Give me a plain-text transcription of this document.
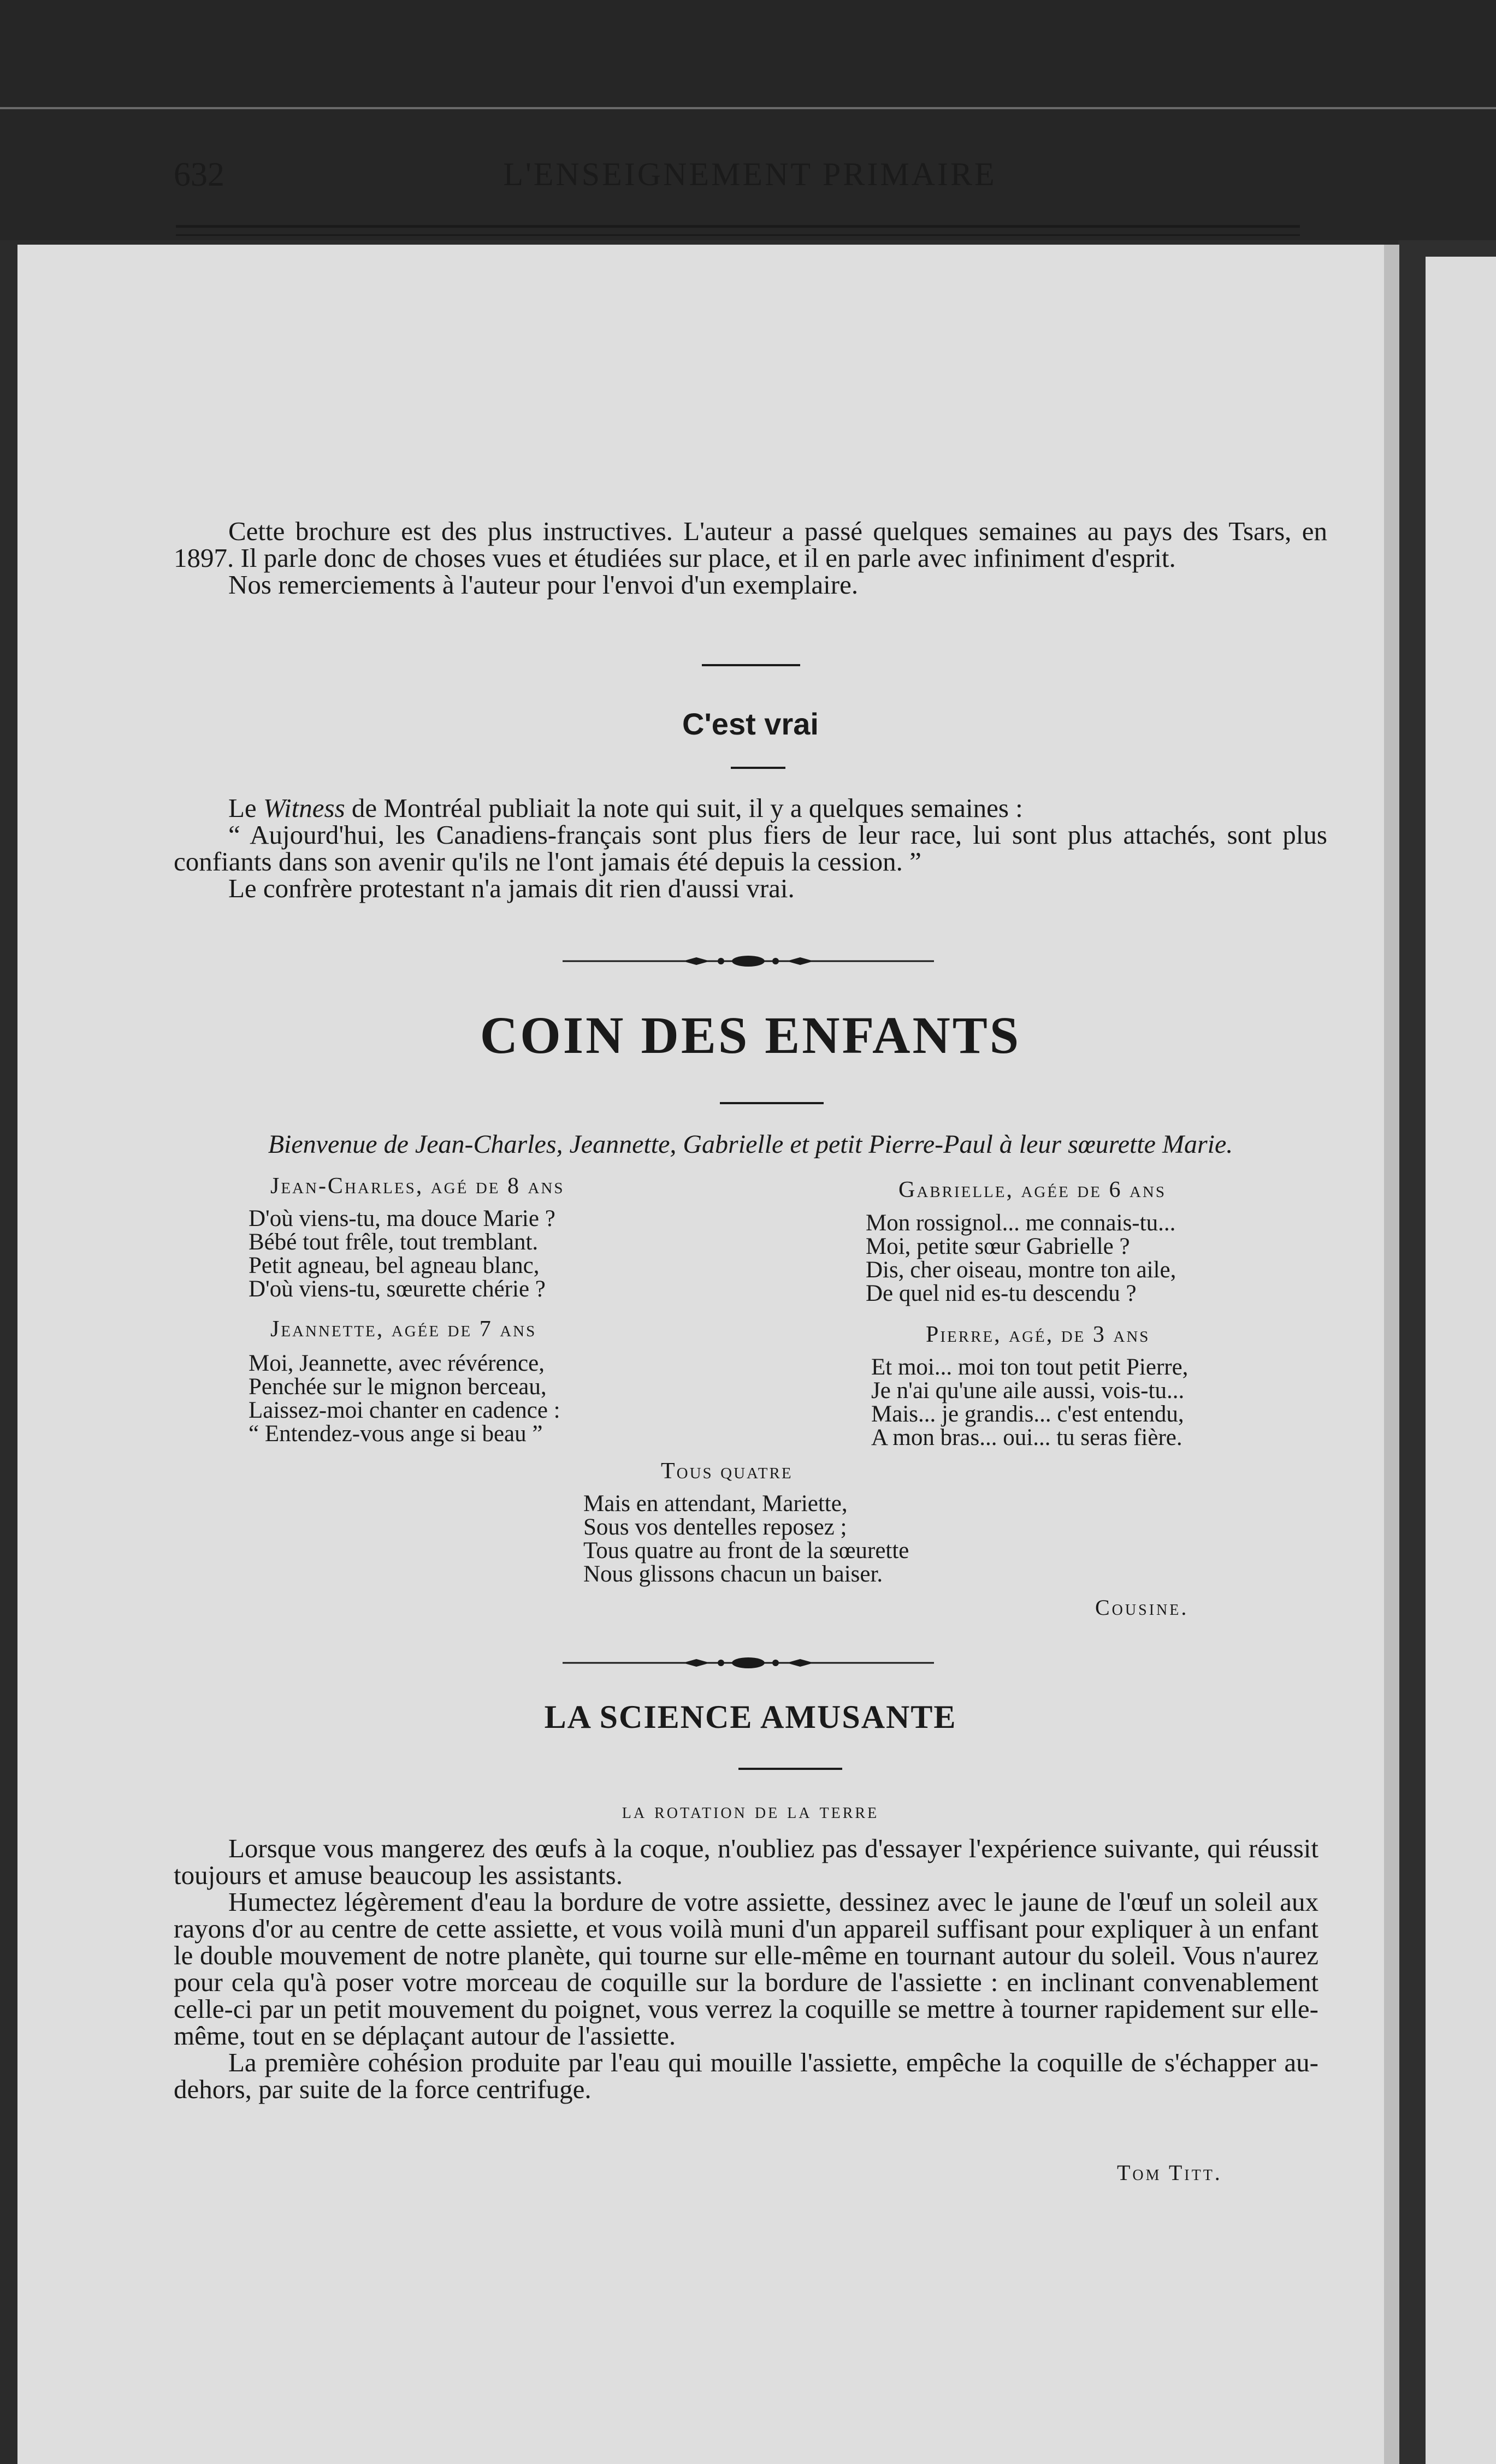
L'ENSEIGNEMENT PRIMAIRE
632

Cette brochure est des plus instructives. L'auteur a passé quelques semaines au pays des Tsars, en 1897. Il parle donc de choses vues et étudiées sur place, et il en parle avec infiniment d'esprit.

Nos remerciements à l'auteur pour l'envoi d'un exemplaire.

C'est vrai

Le Witness de Montréal publiait la note qui suit, il y a quelques semaines :

“ Aujourd'hui, les Canadiens-français sont plus fiers de leur race, lui sont plus attachés, sont plus confiants dans son avenir qu'ils ne l'ont jamais été depuis la cession. ”

Le confrère protestant n'a jamais dit rien d'aussi vrai.

COIN DES ENFANTS
Bienvenue de Jean-Charles, Jeannette, Gabrielle et petit Pierre-Paul à leur sœurette Marie.
Jean-Charles, agé de 8 ans
D'où viens-tu, ma douce Marie ?
Bébé tout frêle, tout tremblant.
Petit agneau, bel agneau blanc,
D'où viens-tu, sœurette chérie ?
Gabrielle, agée de 6 ans
Mon rossignol... me connais-tu...
Moi, petite sœur Gabrielle ?
Dis, cher oiseau, montre ton aile,
De quel nid es-tu descendu ?
Jeannette, agée de 7 ans
Moi, Jeannette, avec révérence,
Penchée sur le mignon berceau,
Laissez-moi chanter en cadence :
“ Entendez-vous ange si beau ”
Pierre, agé, de 3 ans
Et moi... moi ton tout petit Pierre,
Je n'ai qu'une aile aussi, vois-tu...
Mais... je grandis... c'est entendu,
A mon bras... oui... tu seras fière.
Tous quatre
Mais en attendant, Mariette,
Sous vos dentelles reposez ;
Tous quatre au front de la sœurette
Nous glissons chacun un baiser.
Cousine.
LA SCIENCE AMUSANTE
la rotation de la terre

Lorsque vous mangerez des œufs à la coque, n'oubliez pas d'essayer l'expérience suivante, qui réussit toujours et amuse beaucoup les assistants.

Humectez légèrement d'eau la bordure de votre assiette, dessinez avec le jaune de l'œuf un soleil aux rayons d'or au centre de cette assiette, et vous voilà muni d'un appareil suffisant pour expliquer à un enfant le double mouvement de notre planète, qui tourne sur elle-même en tournant autour du soleil. Vous n'aurez pour cela qu'à poser votre morceau de coquille sur la bordure de l'assiette : en inclinant convenablement celle-ci par un petit mouvement du poignet, vous verrez la coquille se mettre à tourner rapidement sur elle-même, tout en se déplaçant autour de l'assiette.

La première cohésion produite par l'eau qui mouille l'assiette, empêche la coquille de s'échapper au-dehors, par suite de la force centrifuge.

Tom Titt.
